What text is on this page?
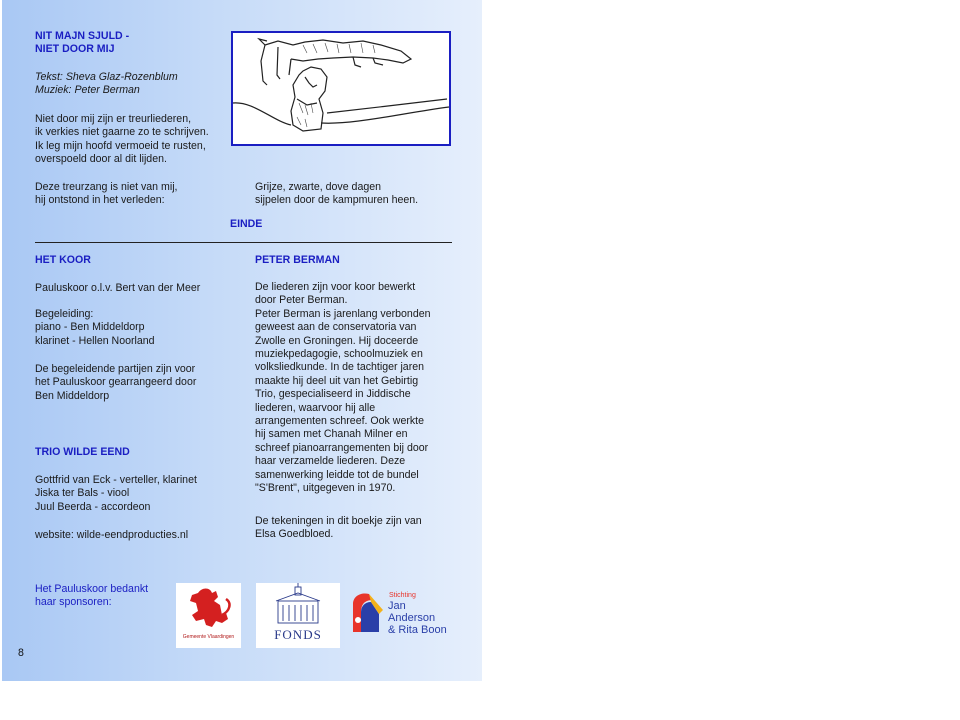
NIT MAJN SJULD -
NIET DOOR MIJ

Tekst: Sheva Glaz-Rozenblum
Muziek: Peter Berman

Niet door mij zijn er treurliederen,
ik verkies niet gaarne zo te schrijven.
Ik leg mijn hoofd vermoeid te rusten,
overspoeld door al dit lijden.

Deze treurzang is niet van mij,
hij ontstond in het verleden:

Grijze, zwarte, dove dagen
sijpelen door de kampmuren heen.

EINDE

HET KOOR

Pauluskoor o.l.v. Bert van der Meer

Begeleiding:
piano - Ben Middeldorp
klarinet - Hellen Noorland

De begeleidende partijen zijn voor
het Pauluskoor gearrangeerd door
Ben Middeldorp

TRIO WILDE EEND

Gottfrid van Eck - verteller, klarinet
Jiska ter Bals - viool
Juul Beerda - accordeon

website: wilde-eendproducties.nl

PETER BERMAN

De liederen zijn voor koor bewerkt
door Peter Berman.
Peter Berman is jarenlang verbonden
geweest aan de conservatoria van
Zwolle en Groningen. Hij doceerde
muziekpedagogie, schoolmuziek en
volksliedkunde. In de tachtiger jaren
maakte hij deel uit van het Gebirtig
Trio, gespecialiseerd in Jiddische
liederen, waarvoor hij alle
arrangementen schreef. Ook werkte
hij samen met Chanah Milner en
schreef pianoarrangementen bij door
haar verzamelde liederen. Deze
samenwerking leidde tot de bundel
"S'Brent", uitgegeven in 1970.

De tekeningen in dit boekje zijn van
Elsa Goedbloed.

Het Pauluskoor bedankt
haar sponsoren:

Gemeente Vlaardingen	FONDS
Stichting
Jan Anderson
& Rita Boon
8
